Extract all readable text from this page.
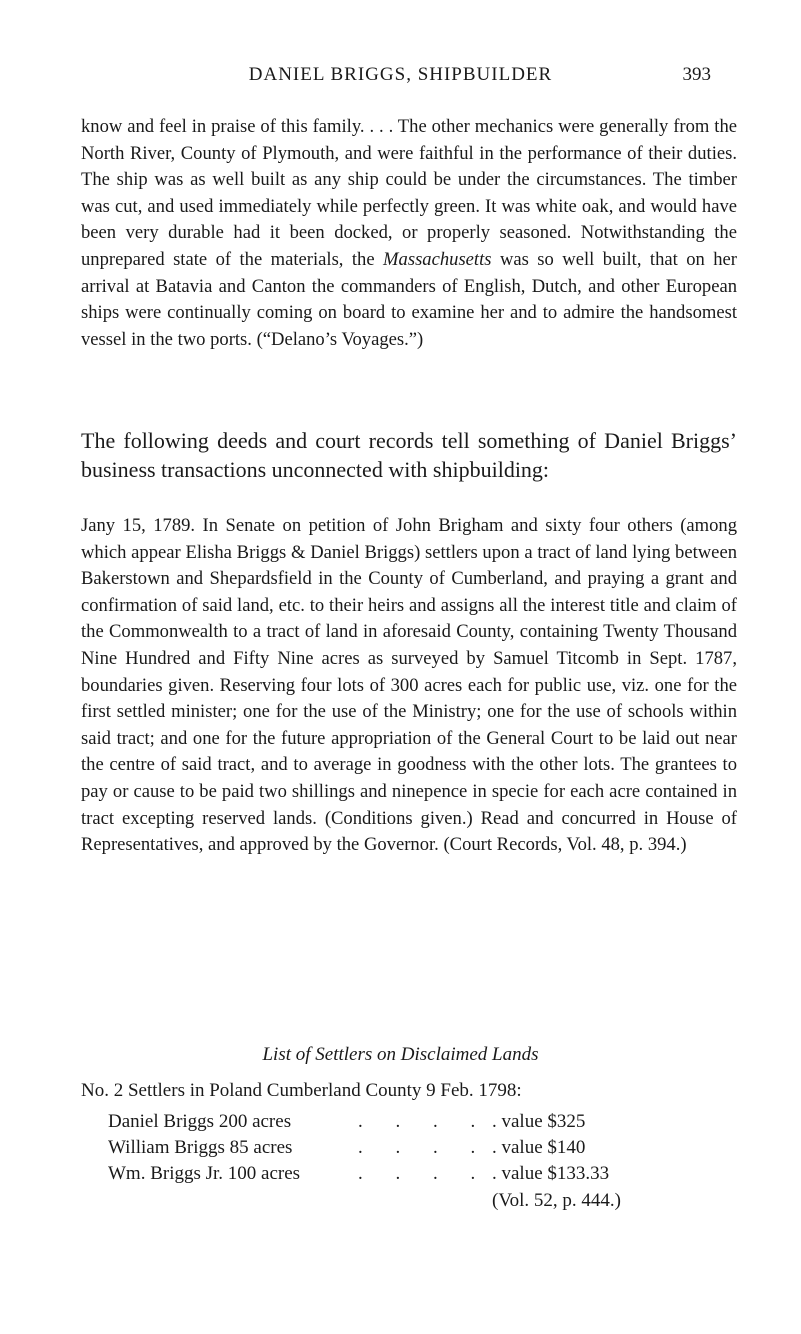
DANIEL BRIGGS, SHIPBUILDER	393

know and feel in praise of this family. . . . The other mechanics were generally from the North River, County of Plymouth, and were faithful in the performance of their duties. The ship was as well built as any ship could be under the circumstances. The timber was cut, and used immediately while perfectly green. It was white oak, and would have been very durable had it been docked, or properly seasoned. Notwithstanding the unprepared state of the materials, the Massachusetts was so well built, that on her arrival at Batavia and Canton the commanders of English, Dutch, and other European ships were continually coming on board to examine her and to admire the handsomest vessel in the two ports. (“Delano’s Voyages.”)

The following deeds and court records tell something of Daniel Briggs’ business transactions unconnected with shipbuilding:

Jany 15, 1789. In Senate on petition of John Brigham and sixty four others (among which appear Elisha Briggs & Daniel Briggs) settlers upon a tract of land lying between Bakerstown and Shepardsfield in the County of Cumberland, and praying a grant and confirmation of said land, etc. to their heirs and assigns all the interest title and claim of the Commonwealth to a tract of land in aforesaid County, containing Twenty Thousand Nine Hundred and Fifty Nine acres as surveyed by Samuel Titcomb in Sept. 1787, boundaries given. Reserving four lots of 300 acres each for public use, viz. one for the first settled minister; one for the use of the Ministry; one for the use of schools within said tract; and one for the future appropriation of the General Court to be laid out near the centre of said tract, and to average in goodness with the other lots. The grantees to pay or cause to be paid two shillings and ninepence in specie for each acre contained in tract excepting reserved lands. (Conditions given.) Read and concurred in House of Representatives, and approved by the Governor. (Court Records, Vol. 48, p. 394.)

List of Settlers on Disclaimed Lands
No. 2 Settlers in Poland Cumberland County 9 Feb. 1798:
Daniel Briggs 200 acres	. . . . . value $325
William Briggs 85 acres	. . . . . value $140
Wm. Briggs Jr. 100 acres	. . . . . value $133.33
(Vol. 52, p. 444.)
